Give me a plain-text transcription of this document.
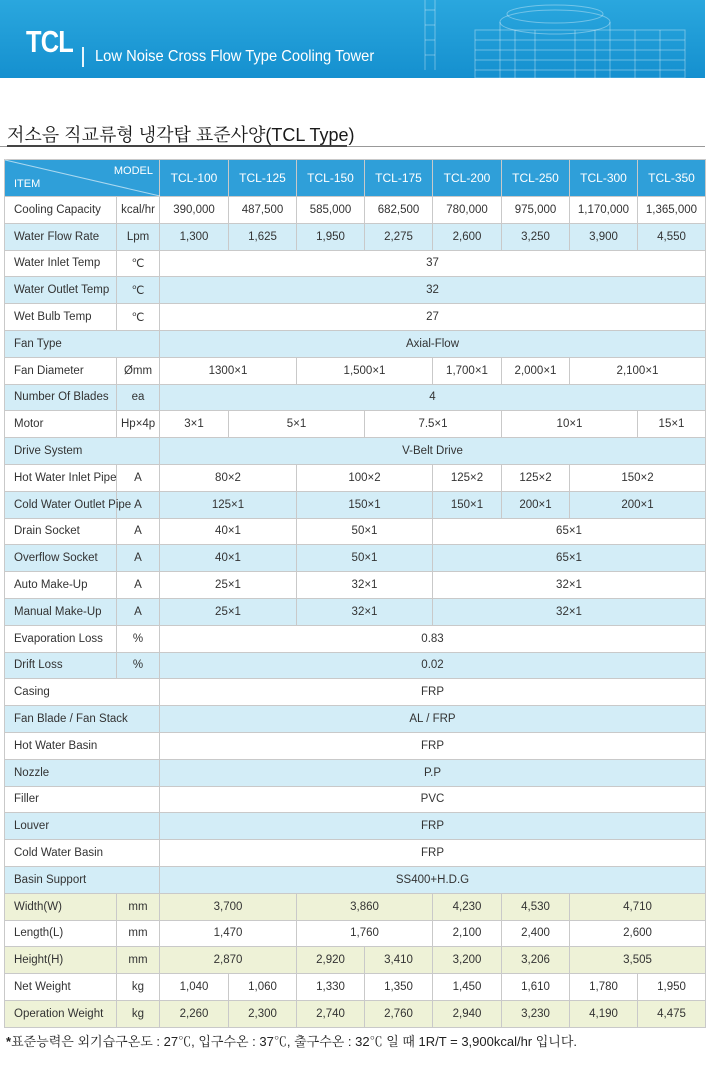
TCL Low Noise Cross Flow Type Cooling Tower
저소음 직교류형 냉각탑 표준사양(TCL Type)
MODEL
ITEM		TCL-100	TCL-125	TCL-150	TCL-175	TCL-200	TCL-250	TCL-300	TCL-350
Cooling Capacity	kcal/hr	390,000	487,500	585,000	682,500	780,000	975,000	1,170,000	1,365,000
Water Flow Rate	Lpm	1,300	1,625	1,950	2,275	2,600	3,250	3,900	4,550
Water Inlet Temp	℃	37							
Water Outlet Temp	℃	32							
Wet Bulb Temp	℃	27							
Fan Type		Axial-Flow							
Fan Diameter	Ømm	1300×1		1,500×1		1,700×1	2,000×1	2,100×1	
Number Of Blades	ea	4							
Motor	Hp×4p	3×1	5×1		7.5×1		10×1		15×1
Drive System		V-Belt Drive							
Hot Water Inlet Pipe	A	80×2		100×2		125×2	125×2	150×2	
Cold Water Outlet Pipe	A	125×1		150×1		150×1	200×1	200×1	
Drain Socket	A	40×1		50×1		65×1			
Overflow Socket	A	40×1		50×1		65×1			
Auto Make-Up	A	25×1		32×1		32×1			
Manual Make-Up	A	25×1		32×1		32×1			
Evaporation Loss	%	0.83							
Drift Loss	%	0.02							
Casing		FRP							
Fan Blade / Fan Stack		AL / FRP							
Hot Water Basin		FRP							
Nozzle		P.P							
Filler		PVC							
Louver		FRP							
Cold Water Basin		FRP							
Basin Support		SS400+H.D.G							
Width(W)	mm	3,700		3,860		4,230	4,530	4,710	
Length(L)	mm	1,470		1,760		2,100	2,400	2,600	
Height(H)	mm	2,870		2,920	3,410	3,200	3,206	3,505	
Net Weight	kg	1,040	1,060	1,330	1,350	1,450	1,610	1,780	1,950
Operation Weight	kg	2,260	2,300	2,740	2,760	2,940	3,230	4,190	4,475
*표준능력은 외기습구온도 : 27℃, 입구수온 : 37℃, 출구수온 : 32℃ 일 때 1R/T = 3,900kcal/hr 입니다.
